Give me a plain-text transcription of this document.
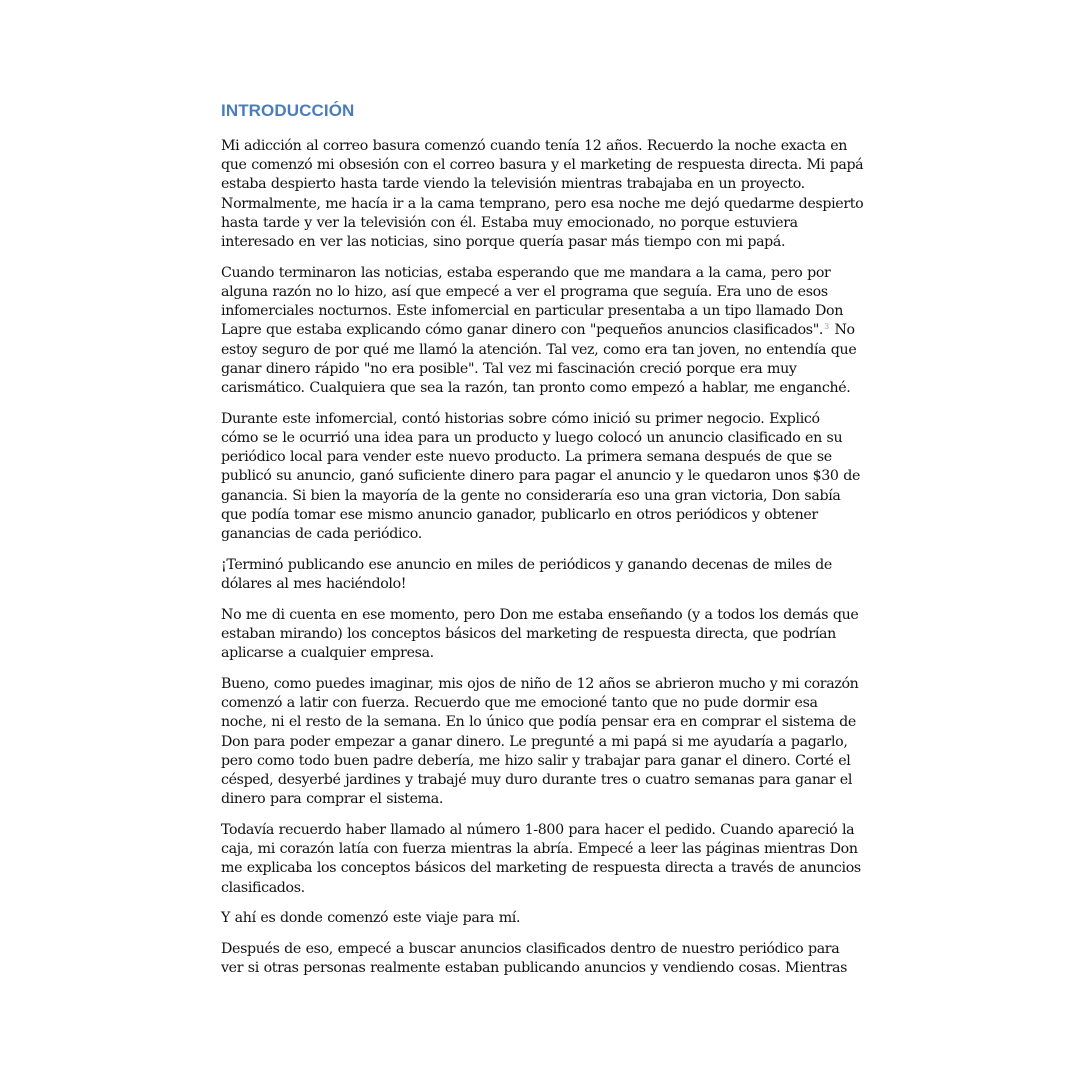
INTRODUCCIÓN

Mi adicción al correo basura comenzó cuando tenía 12 años. Recuerdo la noche exacta en
que comenzó mi obsesión con el correo basura y el marketing de respuesta directa. Mi papá
estaba despierto hasta tarde viendo la televisión mientras trabajaba en un proyecto.
Normalmente, me hacía ir a la cama temprano, pero esa noche me dejó quedarme despierto
hasta tarde y ver la televisión con él. Estaba muy emocionado, no porque estuviera
interesado en ver las noticias, sino porque quería pasar más tiempo con mi papá.

Cuando terminaron las noticias, estaba esperando que me mandara a la cama, pero por
alguna razón no lo hizo, así que empecé a ver el programa que seguía. Era uno de esos
infomerciales nocturnos. Este infomercial en particular presentaba a un tipo llamado Don
Lapre que estaba explicando cómo ganar dinero con "pequeños anuncios clasificados".$^3$ No
estoy seguro de por qué me llamó la atención. Tal vez, como era tan joven, no entendía que
ganar dinero rápido "no era posible". Tal vez mi fascinación creció porque era muy
carismático. Cualquiera que sea la razón, tan pronto como empezó a hablar, me enganché.

Durante este infomercial, contó historias sobre cómo inició su primer negocio. Explicó
cómo se le ocurrió una idea para un producto y luego colocó un anuncio clasificado en su
periódico local para vender este nuevo producto. La primera semana después de que se
publicó su anuncio, ganó suficiente dinero para pagar el anuncio y le quedaron unos $30 de
ganancia. Si bien la mayoría de la gente no consideraría eso una gran victoria, Don sabía
que podía tomar ese mismo anuncio ganador, publicarlo en otros periódicos y obtener
ganancias de cada periódico.

¡Terminó publicando ese anuncio en miles de periódicos y ganando decenas de miles de
dólares al mes haciéndolo!

No me di cuenta en ese momento, pero Don me estaba enseñando (y a todos los demás que
estaban mirando) los conceptos básicos del marketing de respuesta directa, que podrían
aplicarse a cualquier empresa.

Bueno, como puedes imaginar, mis ojos de niño de 12 años se abrieron mucho y mi corazón
comenzó a latir con fuerza. Recuerdo que me emocioné tanto que no pude dormir esa
noche, ni el resto de la semana. En lo único que podía pensar era en comprar el sistema de
Don para poder empezar a ganar dinero. Le pregunté a mi papá si me ayudaría a pagarlo,
pero como todo buen padre debería, me hizo salir y trabajar para ganar el dinero. Corté el
césped, desyerbé jardines y trabajé muy duro durante tres o cuatro semanas para ganar el
dinero para comprar el sistema.

Todavía recuerdo haber llamado al número 1-800 para hacer el pedido. Cuando apareció la
caja, mi corazón latía con fuerza mientras la abría. Empecé a leer las páginas mientras Don
me explicaba los conceptos básicos del marketing de respuesta directa a través de anuncios
clasificados.

Y ahí es donde comenzó este viaje para mí.

Después de eso, empecé a buscar anuncios clasificados dentro de nuestro periódico para
ver si otras personas realmente estaban publicando anuncios y vendiendo cosas. Mientras
